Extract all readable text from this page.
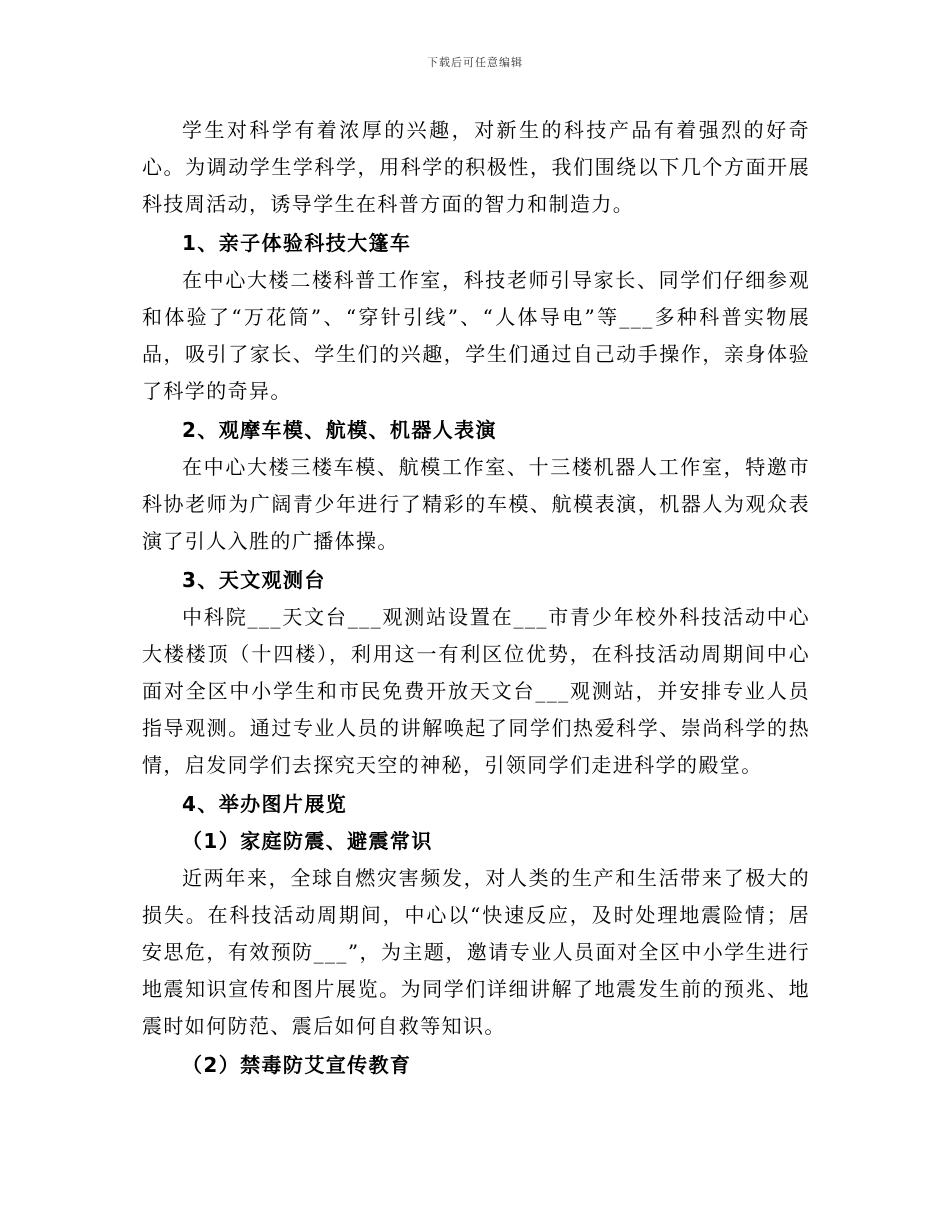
下载后可任意编辑

学生对科学有着浓厚的兴趣，对新生的科技产品有着强烈的好奇心。为调动学生学科学，用科学的积极性，我们围绕以下几个方面开展科技周活动，诱导学生在科普方面的智力和制造力。

1、亲子体验科技大篷车

在中心大楼二楼科普工作室，科技老师引导家长、同学们仔细参观和体验了“万花筒”、“穿针引线”、“人体导电”等___多种科普实物展品，吸引了家长、学生们的兴趣，学生们通过自己动手操作，亲身体验了科学的奇异。

2、观摩车模、航模、机器人表演

在中心大楼三楼车模、航模工作室、十三楼机器人工作室，特邀市科协老师为广阔青少年进行了精彩的车模、航模表演，机器人为观众表演了引人入胜的广播体操。

3、天文观测台

中科院___天文台___观测站设置在___市青少年校外科技活动中心大楼楼顶（十四楼），利用这一有利区位优势，在科技活动周期间中心面对全区中小学生和市民免费开放天文台___观测站，并安排专业人员指导观测。通过专业人员的讲解唤起了同学们热爱科学、崇尚科学的热情，启发同学们去探究天空的神秘，引领同学们走进科学的殿堂。

4、举办图片展览

（1）家庭防震、避震常识

近两年来，全球自燃灾害频发，对人类的生产和生活带来了极大的损失。在科技活动周期间，中心以“快速反应，及时处理地震险情；居安思危，有效预防___”，为主题，邀请专业人员面对全区中小学生进行地震知识宣传和图片展览。为同学们详细讲解了地震发生前的预兆、地震时如何防范、震后如何自救等知识。

（2）禁毒防艾宣传教育
